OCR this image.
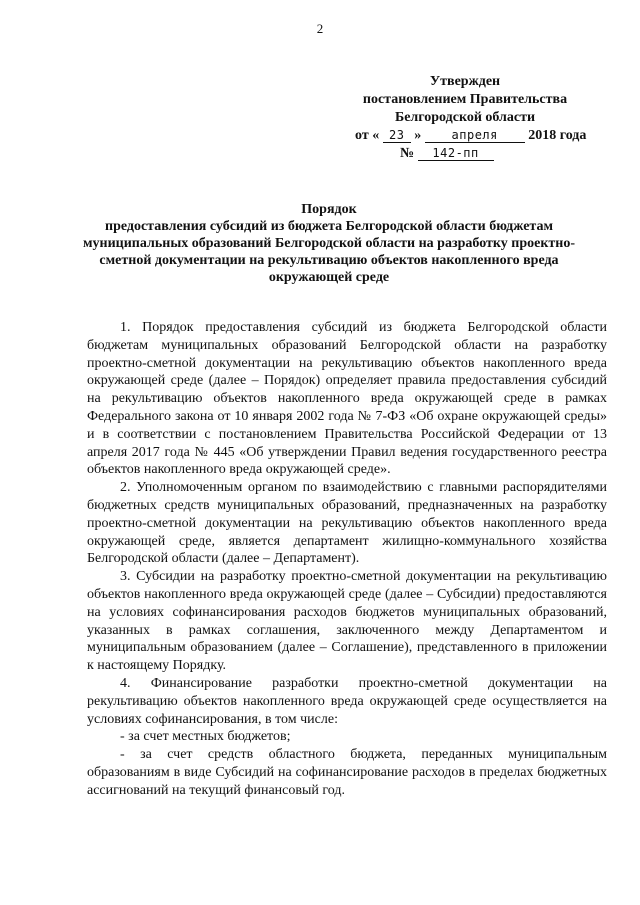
2
Утвержден
постановлением Правительства
Белгородской области
от « 23 »	апреля 2018 года
№ 142-пп
Порядок
предоставления субсидий из бюджета Белгородской области бюджетам муниципальных образований Белгородской области на разработку проектно-сметной документации на рекультивацию объектов накопленного вреда окружающей среде

1. Порядок предоставления субсидий из бюджета Белгородской области бюджетам муниципальных образований Белгородской области на разработку проектно-сметной документации на рекультивацию объектов накопленного вреда окружающей среде (далее – Порядок) определяет правила предоставления субсидий на рекультивацию объектов накопленного вреда окружающей среде в рамках Федерального закона от 10 января 2002 года № 7-ФЗ «Об охране окружающей среды» и в соответствии с постановлением Правительства Российской Федерации от 13 апреля 2017 года № 445 «Об утверждении Правил ведения государственного реестра объектов накопленного вреда окружающей среде».

2. Уполномоченным органом по взаимодействию с главными распорядителями бюджетных средств муниципальных образований, предназначенных на разработку проектно-сметной документации на рекультивацию объектов накопленного вреда окружающей среде, является департамент жилищно-коммунального хозяйства Белгородской области (далее – Департамент).

3. Субсидии на разработку проектно-сметной документации на рекультивацию объектов накопленного вреда окружающей среде (далее – Субсидии) предоставляются на условиях софинансирования расходов бюджетов муниципальных образований, указанных в рамках соглашения, заключенного между Департаментом и муниципальным образованием (далее – Соглашение), представленного в приложении к настоящему Порядку.

4. Финансирование разработки проектно-сметной документации на рекультивацию объектов накопленного вреда окружающей среде осуществляется на условиях софинансирования, в том числе:

- за счет местных бюджетов;

- за счет средств областного бюджета, переданных муниципальным образованиям в виде Субсидий на софинансирование расходов в пределах бюджетных ассигнований на текущий финансовый год.
